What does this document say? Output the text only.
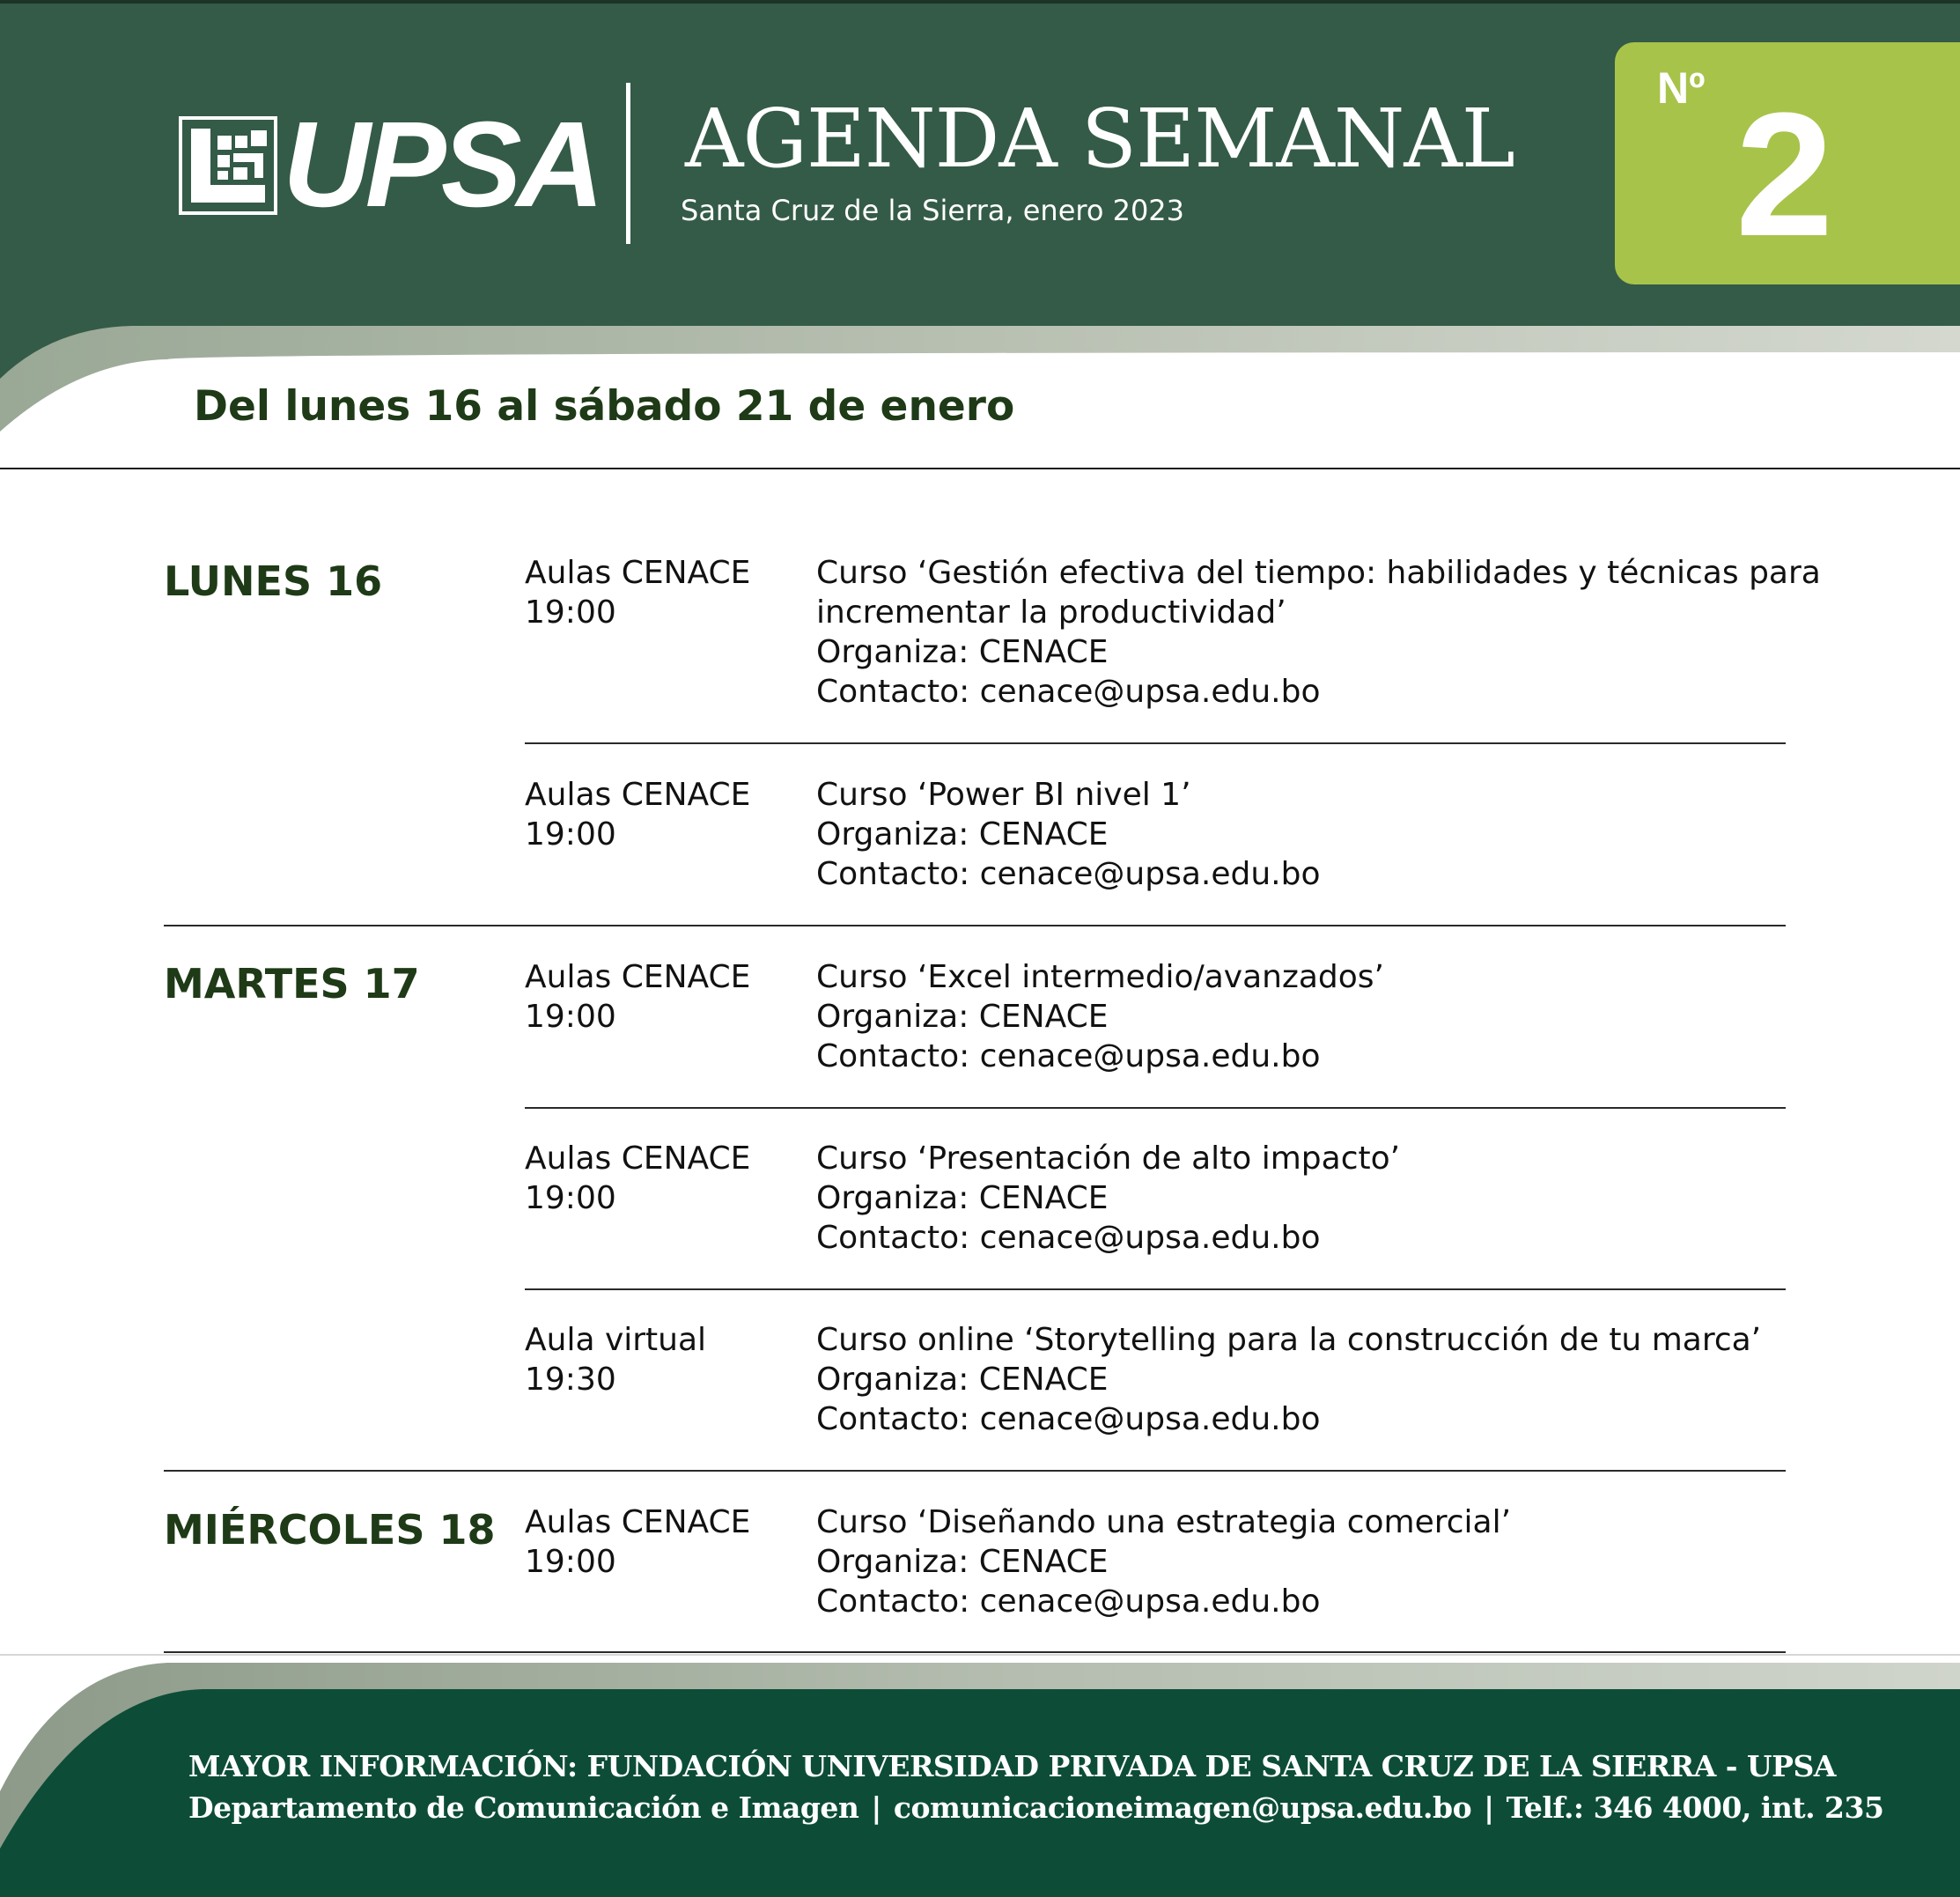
UPSA AGENDA SEMANAL
Santa Cruz de la Sierra, enero 2023
Nº 2
Del lunes 16 al sábado 21 de enero
LUNES 16	Aulas CENACE
19:00
Curso ‘Gestión efectiva del tiempo: habilidades y técnicas para
incrementar la productividad’
Organiza: CENACE
Contacto: cenace@upsa.edu.bo
Aulas CENACE
19:00
Curso ‘Power BI nivel 1’
Organiza: CENACE
Contacto: cenace@upsa.edu.bo
MARTES 17	Aulas CENACE
19:00
Curso ‘Excel intermedio/avanzados’
Organiza: CENACE
Contacto: cenace@upsa.edu.bo
Aulas CENACE
19:00
Curso ‘Presentación de alto impacto’
Organiza: CENACE
Contacto: cenace@upsa.edu.bo
Aula virtual
19:30
Curso online ‘Storytelling para la construcción de tu marca’
Organiza: CENACE
Contacto: cenace@upsa.edu.bo
MIÉRCOLES 18 Aulas CENACE
19:00
Curso ‘Diseñando una estrategia comercial’
Organiza: CENACE
Contacto: cenace@upsa.edu.bo
MAYOR INFORMACIÓN: FUNDACIÓN UNIVERSIDAD PRIVADA DE SANTA CRUZ DE LA SIERRA - UPSA
Departamento de Comunicación e Imagen | comunicacioneimagen@upsa.edu.bo | Telf.: 346 4000, int. 235
